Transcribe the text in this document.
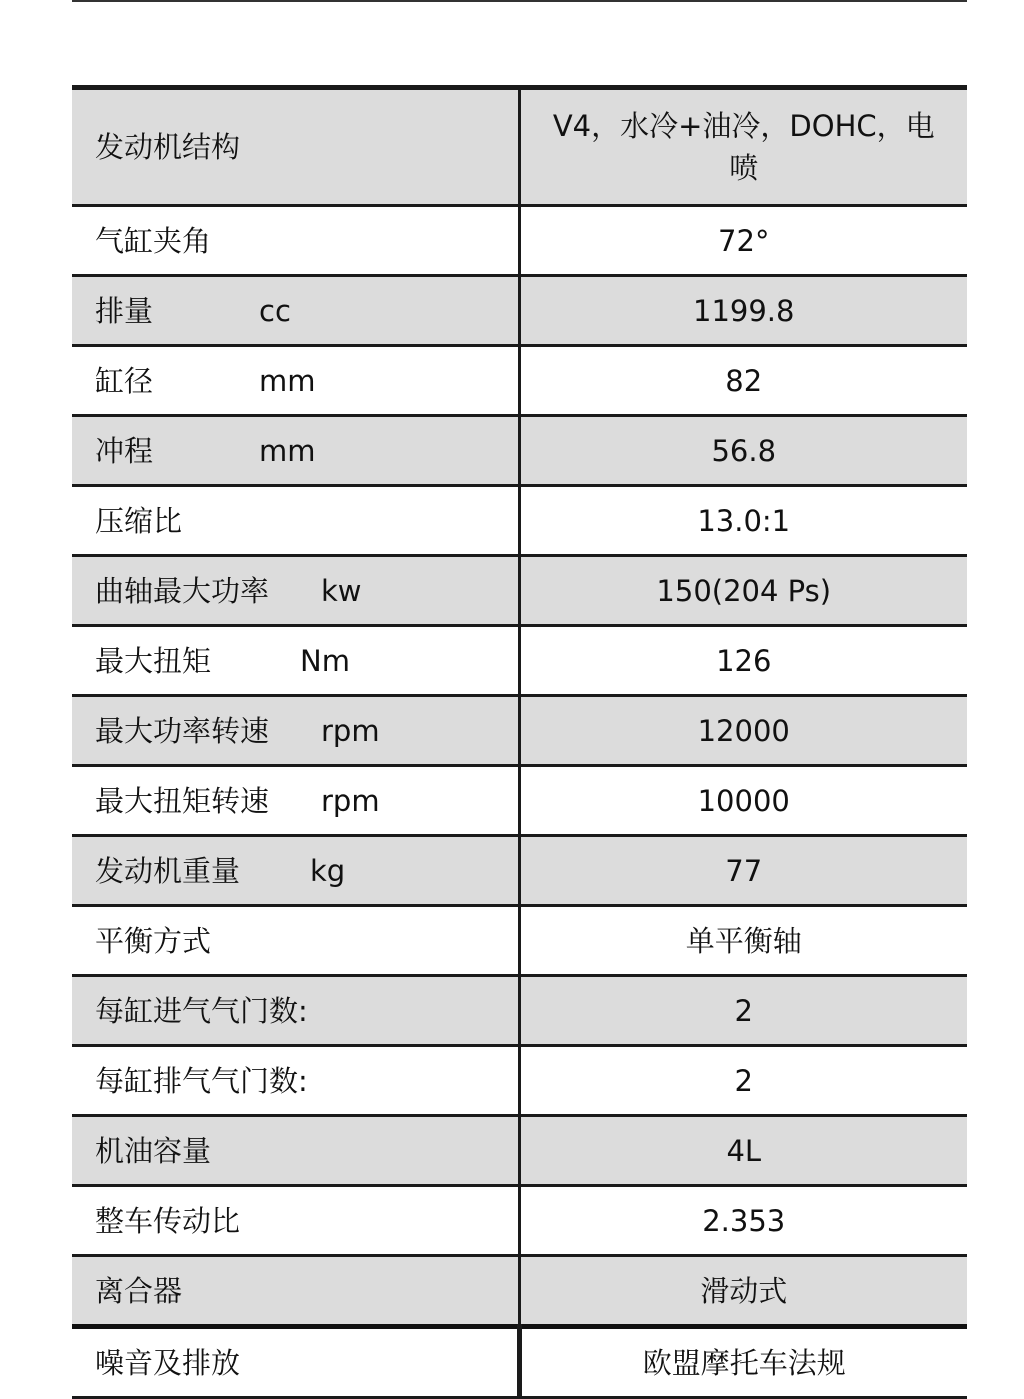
发动机结构	V4，水冷+油冷，DOHC，电喷

气缸夹角	72°

排量 cc	1199.8

缸径 mm	82

冲程 mm	56.8

压缩比	13.0:1

曲轴最大功率 kw	150(204 Ps)

最大扭矩 Nm	126

最大功率转速 rpm	12000

最大扭矩转速 rpm	10000

发动机重量 kg	77

平衡方式	单平衡轴

每缸进气气门数:	2

每缸排气气门数:	2

机油容量	4L

整车传动比	2.353

离合器	滑动式

噪音及排放	欧盟摩托车法规
